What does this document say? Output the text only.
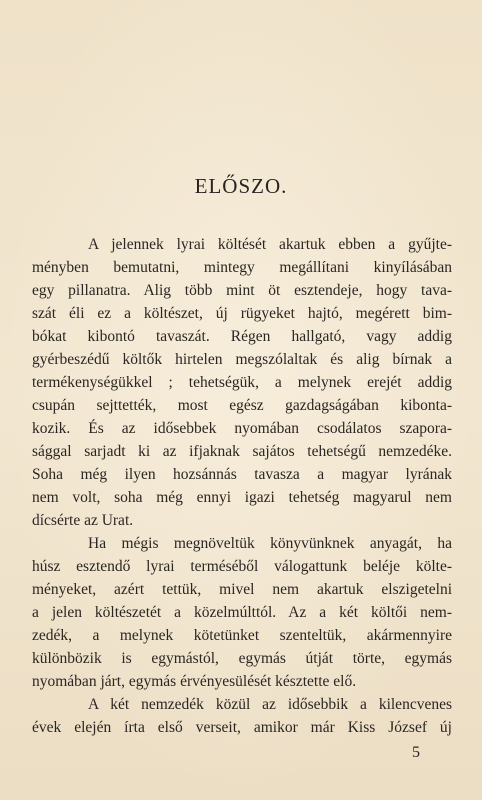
ELŐSZO.
A jelennek lyrai költését akartuk ebben a gyűjte-
ményben bemutatni, mintegy megállítani kinyílásában
egy pillanatra. Alig több mint öt esztendeje, hogy tava-
szát éli ez a költészet, új rügyeket hajtó, megérett bim-
bókat kibontó tavaszát. Régen hallgató, vagy addig
gyérbeszédű költők hirtelen megszólaltak és alig bírnak a
termékenységükkel ; tehetségük, a melynek erejét addig
csupán sejttették, most egész gazdagságában kibonta-
kozik. És az idősebbek nyomában csodálatos szapora-
sággal sarjadt ki az ifjaknak sajátos tehetségű nemzedéke.
Soha még ilyen hozsánnás tavasza a magyar lyrának
nem volt, soha még ennyi igazi tehetség magyarul nem
dícsérte az Urat.
Ha mégis megnöveltük könyvünknek anyagát, ha
húsz esztendő lyrai terméséből válogattunk beléje költe-
ményeket, azért tettük, mivel nem akartuk elszigetelni
a jelen költészetét a közelmúlttól. Az a két költői nem-
zedék, a melynek kötetünket szenteltük, akármennyire
különbözik is egymástól, egymás útját törte, egymás
nyomában járt, egymás érvényesülését késztette elő.
A két nemzedék közül az idősebbik a kilencvenes
évek elején írta első verseit, amikor már Kiss József új
5
